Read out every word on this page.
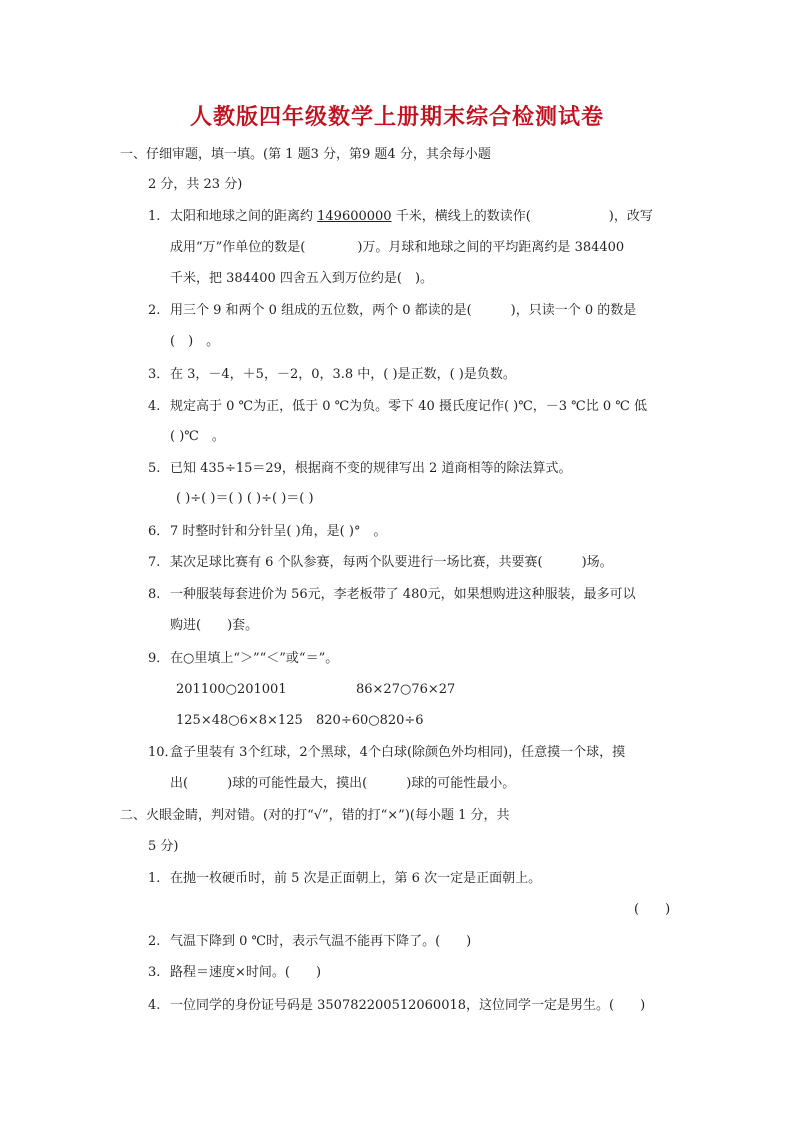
人教版四年级数学上册期末综合检测试卷
一、仔细审题，填一填。(第 1 题3 分，第9 题4 分，其余每小题
2 分，共 23 分)
1. 太阳和地球之间的距离约 149600000 千米，横线上的数读作(　　　　　　)，改写
成用“万”作单位的数是(　　　　)万。月球和地球之间的平均距离约是 384400
千米，把 384400 四舍五入到万位约是(　)。
2. 用三个 9 和两个 0 组成的五位数，两个 0 都读的是(　　　)，只读一个 0 的数是
(　)　。
3． 在 3，－4，＋5，－2，0，3.8 中，( )是正数，( )是负数。
4. 规定高于 0 ℃为正，低于 0 ℃为负。零下 40 摄氏度记作( )℃，－3 ℃比 0 ℃ 低
( )℃　。
5. 已知 435÷15＝29，根据商不变的规律写出 2 道商相等的除法算式。
( )÷( )＝( ) ( )÷( )＝( )
6． 7 时整时针和分针呈( )角，是( )°　。
7. 某次足球比赛有 6 个队参赛，每两个队要进行一场比赛，共要赛(　　　)场。
8. 一种服装每套进价为 56元，李老板带了 480元，如果想购进这种服装，最多可以
购进(　　)套。
9． 在○里填上“＞”“＜”或“＝”。
201100○201001	86×27○76×27
125×48○6×8×125 820÷60○820÷6
10．
盒子里装有 3个红球，2个黑球，4个白球(除颜色外均相同)，任意摸一个球，摸
出(　　　)球的可能性最大，摸出(　　　)球的可能性最小。
二、火眼金睛，判对错。(对的打“√”，错的打“×”)(每小题 1 分，共
5 分)
1. 在抛一枚硬币时，前 5 次是正面朝上，第 6 次一定是正面朝上。
(　　)
2. 气温下降到 0 ℃时，表示气温不能再下降了。(　　)
3. 路程＝速度×时间。(　　)
4. 一位同学的身份证号码是 350782200512060018，这位同学一定是男生。(　　)
